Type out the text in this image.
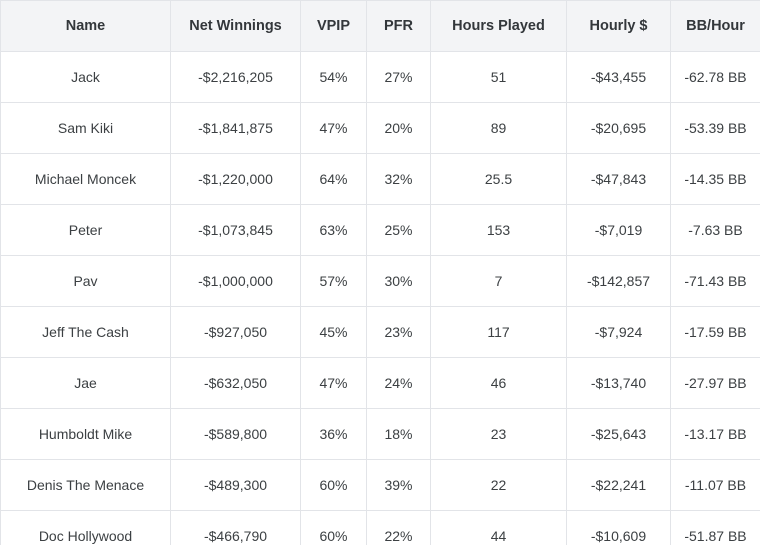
Name	Net Winnings	VPIP	PFR	Hours Played	Hourly $	BB/Hour
Jack	-$2,216,205	54%	27%	51	-$43,455	-62.78 BB
Sam Kiki	-$1,841,875	47%	20%	89	-$20,695	-53.39 BB
Michael Moncek	-$1,220,000	64%	32%	25.5	-$47,843	-14.35 BB
Peter	-$1,073,845	63%	25%	153	-$7,019	-7.63 BB
Pav	-$1,000,000	57%	30%	7	-$142,857	-71.43 BB
Jeff The Cash	-$927,050	45%	23%	117	-$7,924	-17.59 BB
Jae	-$632,050	47%	24%	46	-$13,740	-27.97 BB
Humboldt Mike	-$589,800	36%	18%	23	-$25,643	-13.17 BB
Denis The Menace	-$489,300	60%	39%	22	-$22,241	-11.07 BB
Doc Hollywood	-$466,790	60%	22%	44	-$10,609	-51.87 BB
